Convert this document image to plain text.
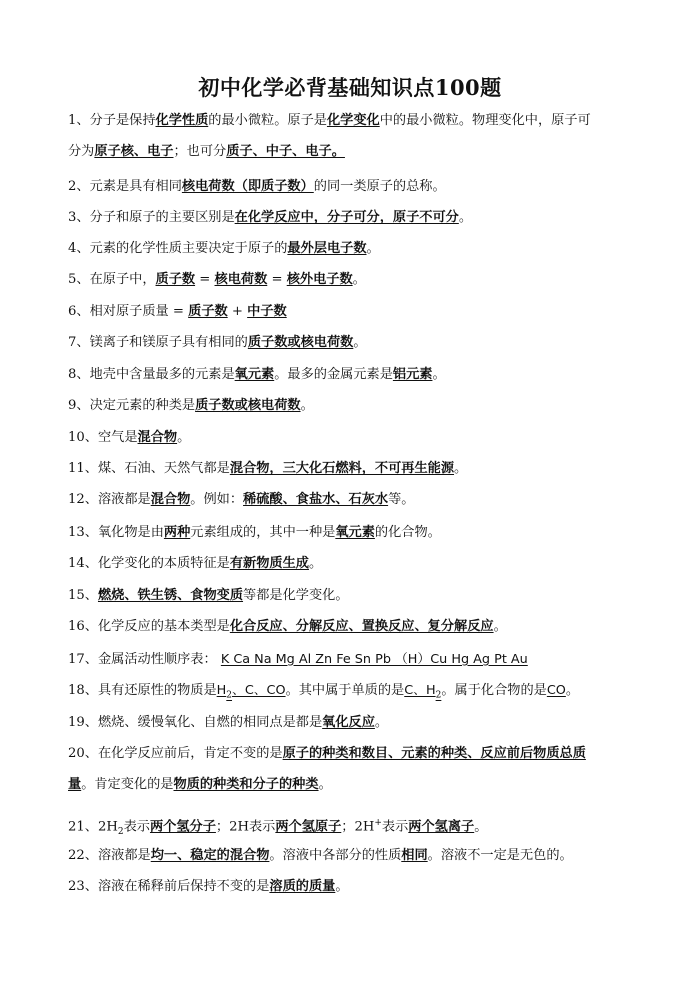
初中化学必背基础知识点100题
1、分子是保持化学性质的最小微粒。原子是化学变化中的最小微粒。物理变化中，原子可
分为原子核、电子；也可分质子、中子、电子。
2、元素是具有相同核电荷数（即质子数）的同一类原子的总称。
3、分子和原子的主要区别是在化学反应中，分子可分，原子不可分。
4、元素的化学性质主要决定于原子的最外层电子数。
5、在原子中，质子数 = 核电荷数 = 核外电子数。
6、相对原子质量 = 质子数 + 中子数
7、镁离子和镁原子具有相同的质子数或核电荷数。
8、地壳中含量最多的元素是氧元素。最多的金属元素是铝元素。
9、决定元素的种类是质子数或核电荷数。
10、空气是混合物。
11、煤、石油、天然气都是混合物，三大化石燃料，不可再生能源。
12、溶液都是混合物。例如：稀硫酸、食盐水、石灰水等。
13、氧化物是由两种元素组成的，其中一种是氧元素的化合物。
14、化学变化的本质特征是有新物质生成。
15、燃烧、铁生锈、食物变质等都是化学变化。
16、化学反应的基本类型是化合反应、分解反应、置换反应、复分解反应。
17、金属活动性顺序表： K Ca Na Mg Al Zn Fe Sn Pb （H）Cu Hg Ag Pt Au
18、具有还原性的物质是$H_2$、C、CO。其中属于单质的是C、$H_2$。属于化合物的是CO。
19、燃烧、缓慢氧化、自燃的相同点是都是氧化反应。
20、在化学反应前后，肯定不变的是原子的种类和数目、元素的种类、反应前后物质总质
量。肯定变化的是物质的种类和分子的种类。
21、$2H_2$表示两个氢分子；2H表示两个氢原子；2H+表示两个氢离子。
22、溶液都是均一、稳定的混合物。溶液中各部分的性质相同。溶液不一定是无色的。
23、溶液在稀释前后保持不变的是溶质的质量。
